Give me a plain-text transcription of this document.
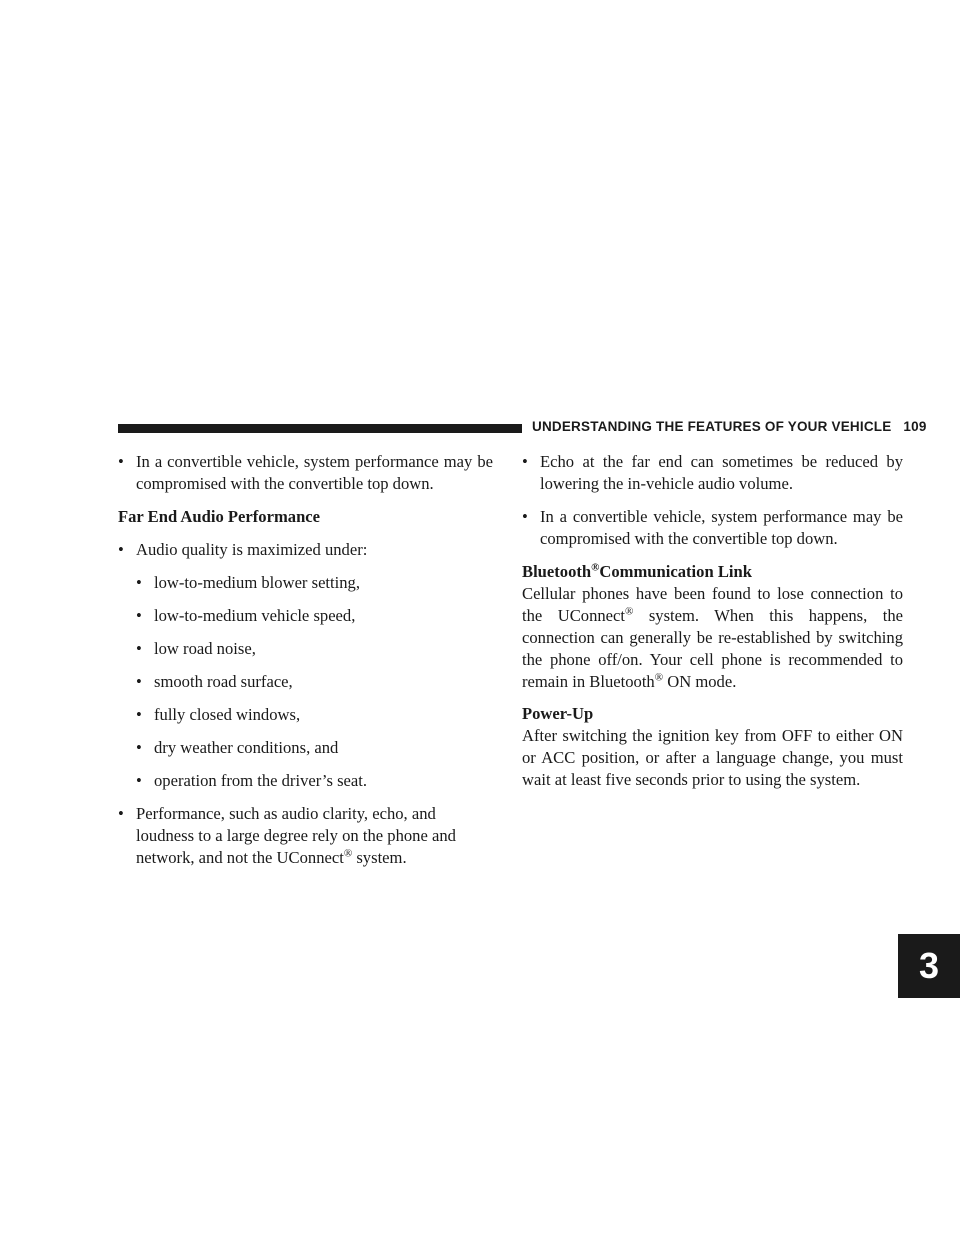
UNDERSTANDING THE FEATURES OF YOUR VEHICLE 109
3
• In a convertible vehicle, system performance may be compromised with the convertible top down.

Far End Audio Performance

• Audio quality is maximized under:
• low-to-medium blower setting,
• low-to-medium vehicle speed,
• low road noise,
• smooth road surface,
• fully closed windows,
• dry weather conditions, and
• operation from the driver’s seat.
• Performance, such as audio clarity, echo, and loudness to a large degree rely on the phone and network, and not the UConnect® system.
• Echo at the far end can sometimes be reduced by lowering the in-vehicle audio volume.
• In a convertible vehicle, system performance may be compromised with the convertible top down.

Bluetooth®Communication Link

Cellular phones have been found to lose connection to the UConnect® system. When this happens, the connection can generally be re-established by switching the phone off/on. Your cell phone is recommended to remain in Bluetooth® ON mode.

Power-Up

After switching the ignition key from OFF to either ON or ACC position, or after a language change, you must wait at least five seconds prior to using the system.
